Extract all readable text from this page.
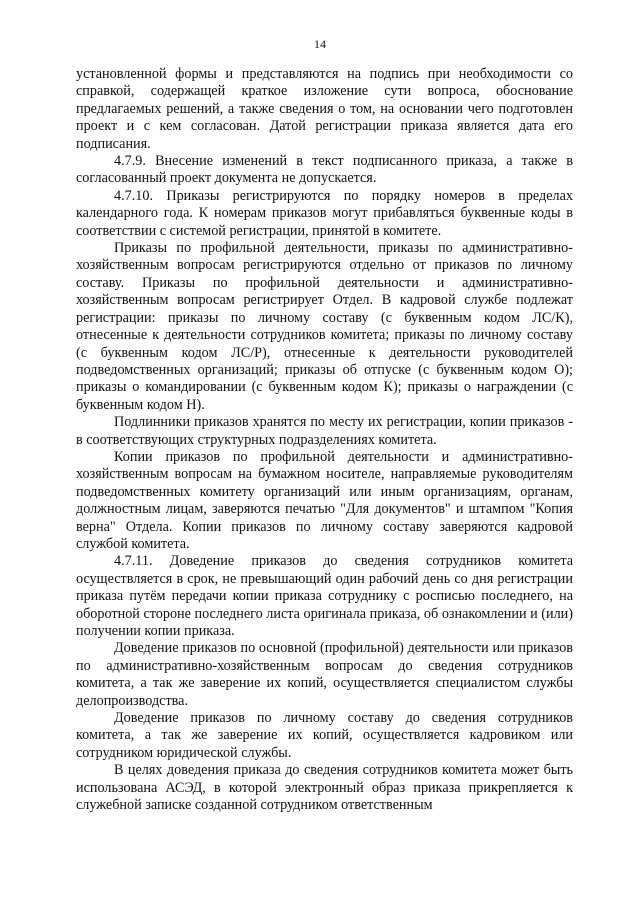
14

установленной формы и представляются на подпись при необходимости со справкой, содержащей краткое изложение сути вопроса, обоснование предлагаемых решений, а также сведения о том, на основании чего подготовлен проект и с кем согласован. Датой регистрации приказа является дата его подписания.

4.7.9. Внесение изменений в текст подписанного приказа, а также в согласованный проект документа не допускается.

4.7.10. Приказы регистрируются по порядку номеров в пределах календарного года. К номерам приказов могут прибавляться буквенные коды в соответствии с системой регистрации, принятой в комитете.

Приказы по профильной деятельности, приказы по административно-хозяйственным вопросам регистрируются отдельно от приказов по личному составу. Приказы по профильной деятельности и административно-хозяйственным вопросам регистрирует Отдел. В кадровой службе подлежат регистрации: приказы по личному составу (с буквенным кодом ЛС/К), отнесенные к деятельности сотрудников комитета; приказы по личному составу (с буквенным кодом ЛС/Р), отнесенные к деятельности руководителей подведомственных организаций; приказы об отпуске (с буквенным кодом О); приказы о командировании (с буквенным кодом К); приказы о награждении (с буквенным кодом Н).

Подлинники приказов хранятся по месту их регистрации, копии приказов - в соответствующих структурных подразделениях комитета.

Копии приказов по профильной деятельности и административно-хозяйственным вопросам на бумажном носителе, направляемые руководителям подведомственных комитету организаций или иным организациям, органам, должностным лицам, заверяются печатью "Для документов" и штампом "Копия верна" Отдела. Копии приказов по личному составу заверяются кадровой службой комитета.

4.7.11. Доведение приказов до сведения сотрудников комитета осуществляется в срок, не превышающий один рабочий день со дня регистрации приказа путём передачи копии приказа сотруднику с росписью последнего, на оборотной стороне последнего листа оригинала приказа, об ознакомлении и (или) получении копии приказа.

Доведение приказов по основной (профильной) деятельности или приказов по административно-хозяйственным вопросам до сведения сотрудников комитета, а так же заверение их копий, осуществляется специалистом службы делопроизводства.

Доведение приказов по личному составу до сведения сотрудников комитета, а так же заверение их копий, осуществляется кадровиком или сотрудником юридической службы.

В целях доведения приказа до сведения сотрудников комитета может быть использована АСЭД, в которой электронный образ приказа прикрепляется к служебной записке созданной сотрудником ответственным
